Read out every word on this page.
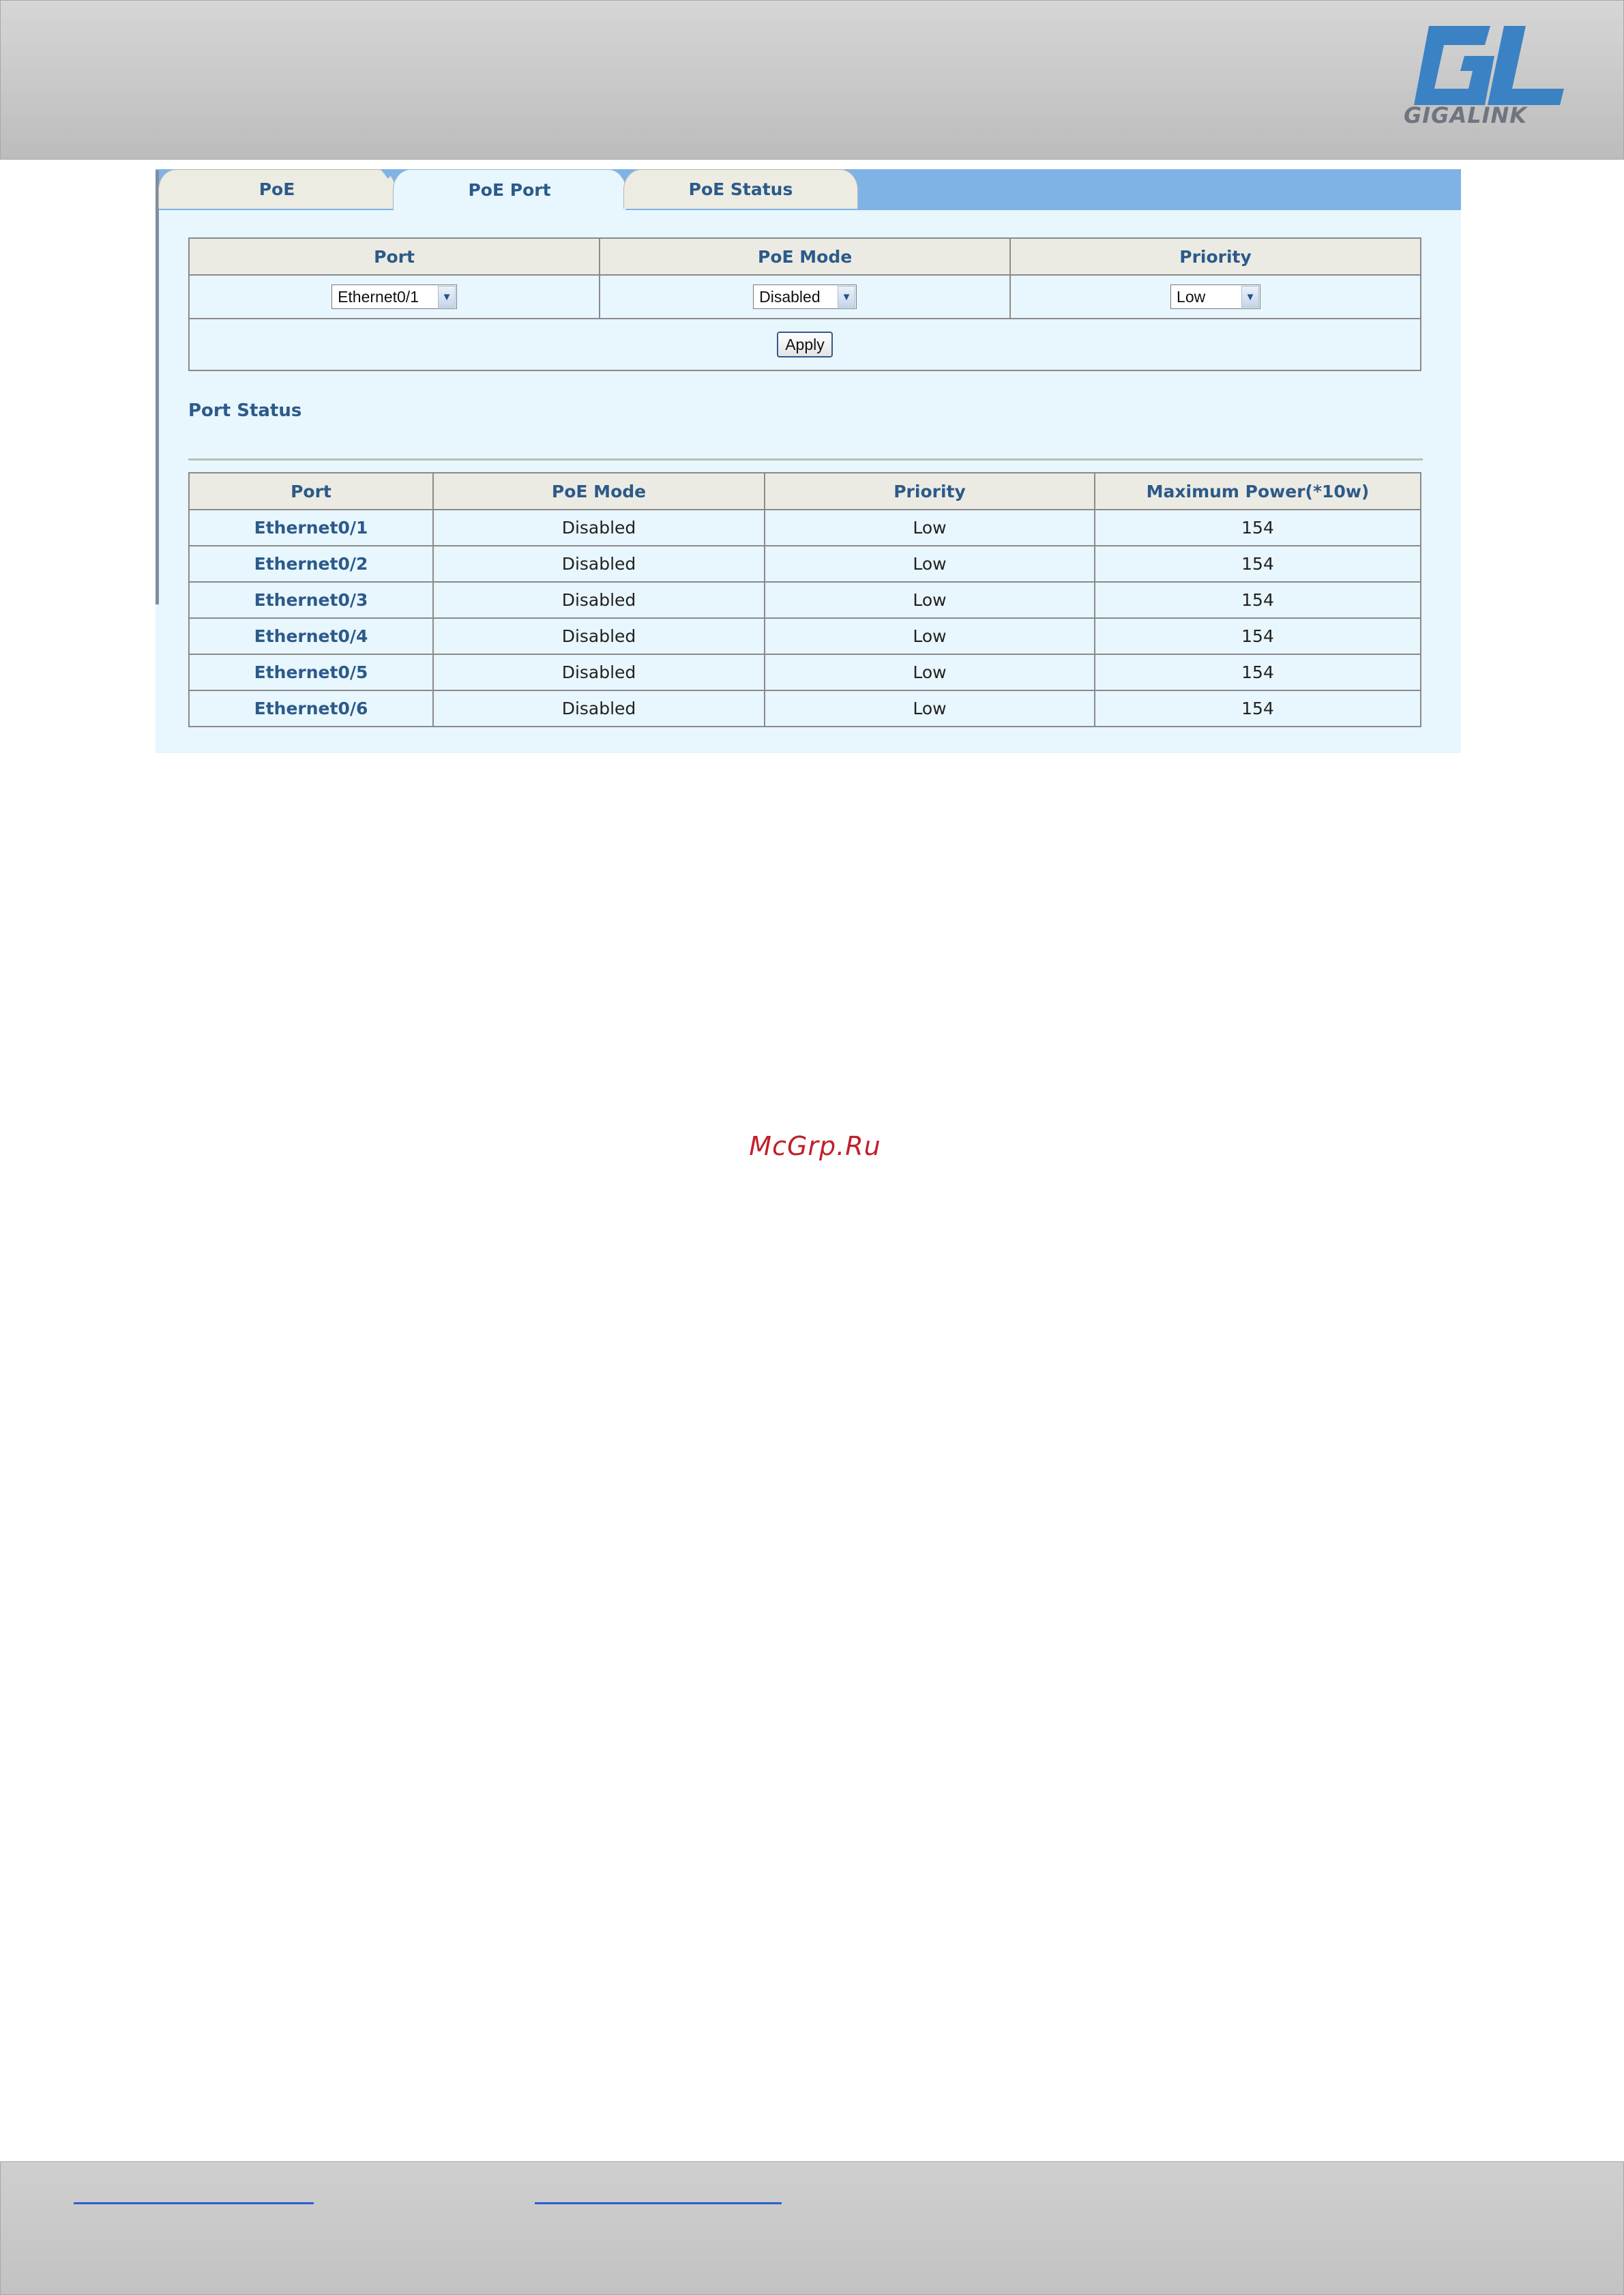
GIGALINK
PoE	PoE Port	PoE Status
Port	PoE Mode	Priority

Ethernet0/1 ▼	Disabled ▼	Low ▼

Apply		
Port Status
Port	PoE Mode	Priority	Maximum Power(*10w)
Ethernet0/1	Disabled	Low	154
Ethernet0/2	Disabled	Low	154
Ethernet0/3	Disabled	Low	154
Ethernet0/4	Disabled	Low	154
Ethernet0/5	Disabled	Low	154
Ethernet0/6	Disabled	Low	154
McGrp.Ru
